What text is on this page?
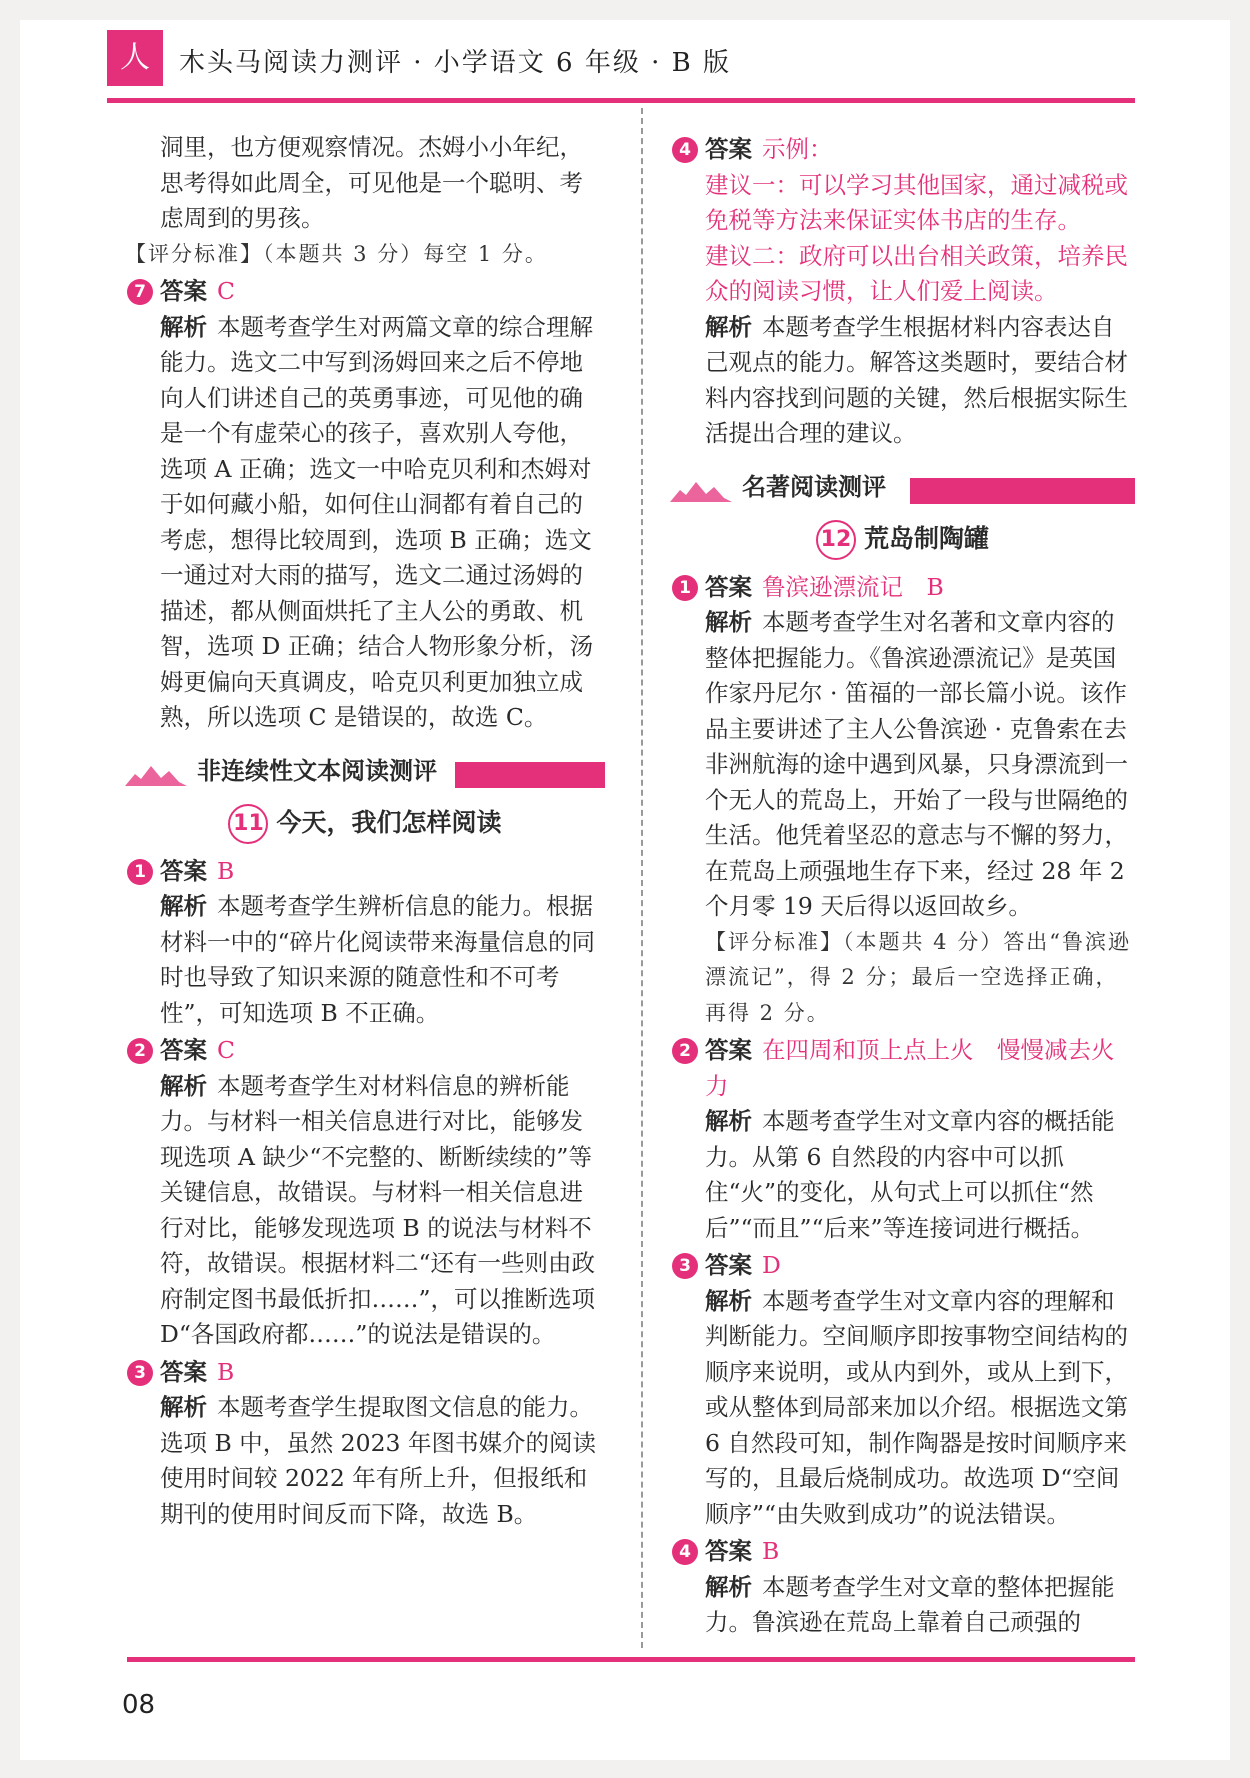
人	木头马阅读力测评 · 小学语文 6 年级 · B 版

洞里，也方便观察情况。杰姆小小年纪，思考得如此周全，可见他是一个聪明、考虑周到的男孩。

【评分标准】（本题共 3 分）每空 1 分。

7 答案 C
解析 本题考查学生对两篇文章的综合理解能力。选文二中写到汤姆回来之后不停地向人们讲述自己的英勇事迹，可见他的确是一个有虚荣心的孩子，喜欢别人夸他，选项 A 正确；选文一中哈克贝利和杰姆对于如何藏小船，如何住山洞都有着自己的考虑，想得比较周到，选项 B 正确；选文一通过对大雨的描写，选文二通过汤姆的描述，都从侧面烘托了主人公的勇敢、机智，选项 D 正确；结合人物形象分析，汤姆更偏向天真调皮，哈克贝利更加独立成熟，所以选项 C 是错误的，故选 C。
非连续性文本阅读测评
11 今天，我们怎样阅读
1 答案 B
解析 本题考查学生辨析信息的能力。根据材料一中的“碎片化阅读带来海量信息的同时也导致了知识来源的随意性和不可考性”，可知选项 B 不正确。
2 答案 C
解析 本题考查学生对材料信息的辨析能力。与材料一相关信息进行对比，能够发现选项 A 缺少“不完整的、断断续续的”等关键信息，故错误。与材料一相关信息进行对比，能够发现选项 B 的说法与材料不符，故错误。根据材料二“还有一些则由政府制定图书最低折扣……”，可以推断选项 D“各国政府都……”的说法是错误的。
3 答案 B
解析 本题考查学生提取图文信息的能力。选项 B 中，虽然 2023 年图书媒介的阅读使用时间较 2022 年有所上升，但报纸和期刊的使用时间反而下降，故选 B。
4 答案 示例：
建议一：可以学习其他国家，通过减税或免税等方法来保证实体书店的生存。
建议二：政府可以出台相关政策，培养民众的阅读习惯，让人们爱上阅读。
解析 本题考查学生根据材料内容表达自己观点的能力。解答这类题时，要结合材料内容找到问题的关键，然后根据实际生活提出合理的建议。
名著阅读测评
12 荒岛制陶罐
1 答案 鲁滨逊漂流记　B
解析 本题考查学生对名著和文章内容的整体把握能力。《鲁滨逊漂流记》是英国作家丹尼尔 · 笛福的一部长篇小说。该作品主要讲述了主人公鲁滨逊 · 克鲁索在去非洲航海的途中遇到风暴，只身漂流到一个无人的荒岛上，开始了一段与世隔绝的生活。他凭着坚忍的意志与不懈的努力，在荒岛上顽强地生存下来，经过 28 年 2 个月零 19 天后得以返回故乡。
【评分标准】（本题共 4 分）答出“鲁滨逊漂流记”，得 2 分；最后一空选择正确，再得 2 分。
2 答案 在四周和顶上点上火　慢慢减去火力
解析 本题考查学生对文章内容的概括能力。从第 6 自然段的内容中可以抓住“火”的变化，从句式上可以抓住“然后”“而且”“后来”等连接词进行概括。
3 答案 D
解析 本题考查学生对文章内容的理解和判断能力。空间顺序即按事物空间结构的顺序来说明，或从内到外，或从上到下，或从整体到局部来加以介绍。根据选文第 6 自然段可知，制作陶器是按时间顺序来写的，且最后烧制成功。故选项 D“空间顺序”“由失败到成功”的说法错误。
4 答案 B
解析 本题考查学生对文章的整体把握能力。鲁滨逊在荒岛上靠着自己顽强的
08
